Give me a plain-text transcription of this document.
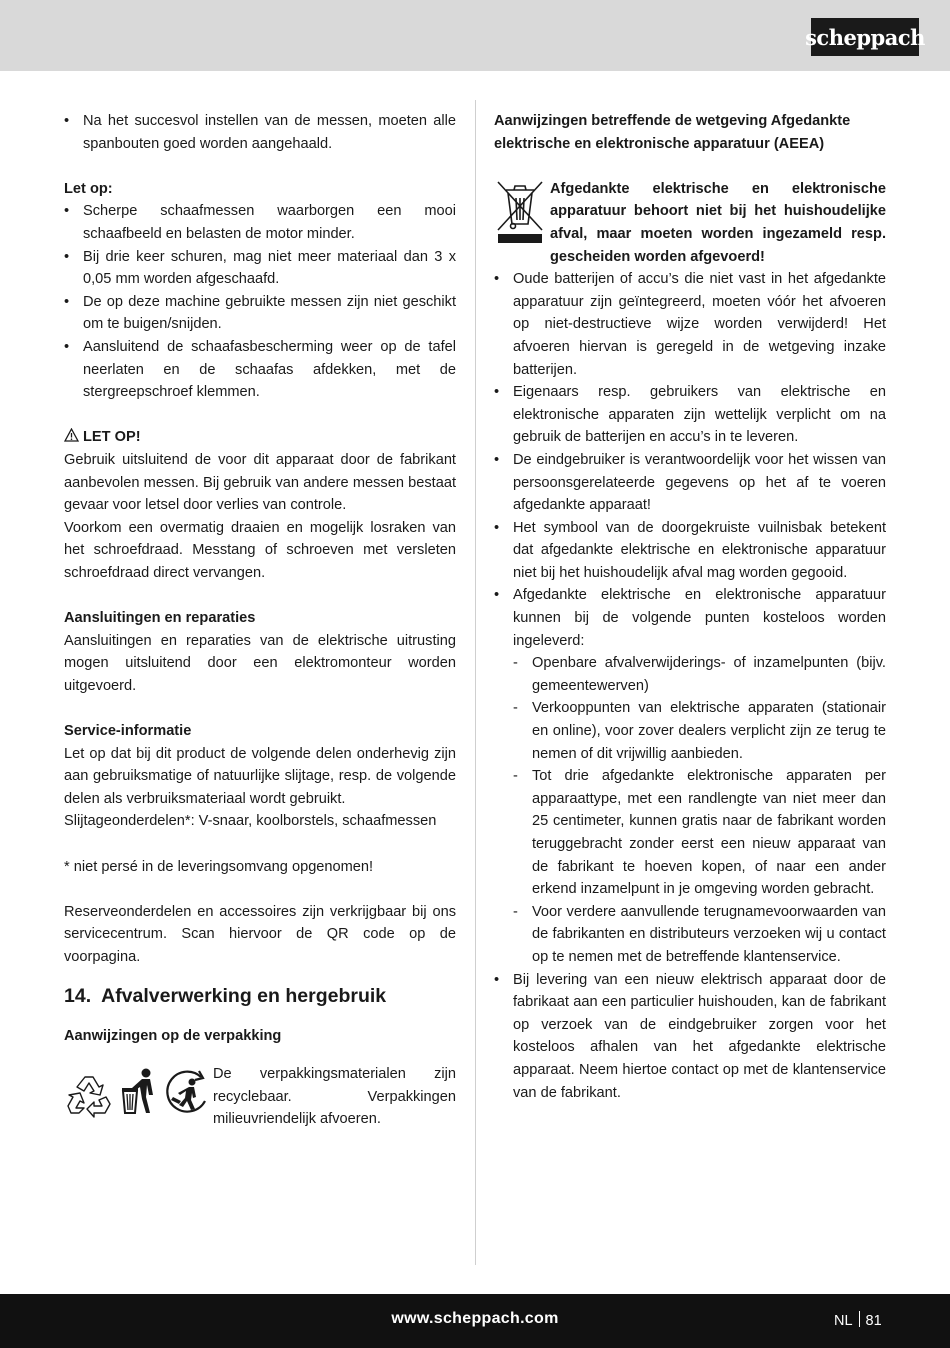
scheppach
• Na het succesvol instellen van de messen, moeten alle spanbouten goed worden aangehaald.

Let op:

• Scherpe schaafmessen waarborgen een mooi schaafbeeld en belasten de motor minder.
• Bij drie keer schuren, mag niet meer materiaal dan 3 x 0,05 mm worden afgeschaafd.
• De op deze machine gebruikte messen zijn niet geschikt om te buigen/snijden.
• Aansluitend de schaafasbescherming weer op de tafel neerlaten en de schaafas afdekken, met de stergreepschroef klemmen.

LET OP!

Gebruik uitsluitend de voor dit apparaat door de fabrikant aanbevolen messen. Bij gebruik van andere messen bestaat gevaar voor letsel door verlies van controle.

Voorkom een overmatig draaien en mogelijk losraken van het schroefdraad. Messtang of schroeven met versleten schroefdraad direct vervangen.

Aansluitingen en reparaties

Aansluitingen en reparaties van de elektrische uitrusting mogen uitsluitend door een elektromonteur worden uitgevoerd.

Service-informatie

Let op dat bij dit product de volgende delen onderhevig zijn aan gebruiksmatige of natuurlijke slijtage, resp. de volgende delen als verbruiksmateriaal wordt gebruikt.

Slijtageonderdelen*: V-snaar, koolborstels, schaafmessen

* niet persé in de leveringsomvang opgenomen!

Reserveonderdelen en accessoires zijn verkrijgbaar bij ons servicecentrum. Scan hiervoor de QR code op de voorpagina.

14. Afvalverwerking en hergebruik

Aanwijzingen op de verpakking

De verpakkingsmaterialen zijn recyclebaar. Verpakkingen milieuvriendelijk afvoeren.

Aanwijzingen betreffende de wetgeving Afgedankte elektrische en elektronische apparatuur (AEEA)

Afgedankte elektrische en elektronische apparatuur behoort niet bij het huishoudelijke afval, maar moeten worden ingezameld resp. gescheiden worden afgevoerd!

• Oude batterijen of accu’s die niet vast in het afgedankte apparatuur zijn geïntegreerd, moeten vóór het afvoeren op niet-destructieve wijze worden verwijderd! Het afvoeren hiervan is geregeld in de wetgeving inzake batterijen.
• Eigenaars resp. gebruikers van elektrische en elektronische apparaten zijn wettelijk verplicht om na gebruik de batterijen en accu’s in te leveren.
• De eindgebruiker is verantwoordelijk voor het wissen van persoonsgerelateerde gegevens op het af te voeren afgedankte apparaat!
• Het symbool van de doorgekruiste vuilnisbak betekent dat afgedankte elektrische en elektronische apparatuur niet bij het huishoudelijk afval mag worden gegooid.
• Afgedankte elektrische en elektronische apparatuur kunnen bij de volgende punten kosteloos worden ingeleverd:
- Openbare afvalverwijderings- of inzamelpunten (bijv. gemeentewerven)
- Verkooppunten van elektrische apparaten (stationair en online), voor zover dealers verplicht zijn ze terug te nemen of dit vrijwillig aanbieden.
- Tot drie afgedankte elektronische apparaten per apparaattype, met een randlengte van niet meer dan 25 centimeter, kunnen gratis naar de fabrikant worden teruggebracht zonder eerst een nieuw apparaat van de fabrikant te hoeven kopen, of naar een ander erkend inzamelpunt in je omgeving worden gebracht.
- Voor verdere aanvullende terugnamevoorwaarden van de fabrikanten en distributeurs verzoeken wij u contact op te nemen met de betreffende klantenservice.
• Bij levering van een nieuw elektrisch apparaat door de fabrikaat aan een particulier huishouden, kan de fabrikant op verzoek van de eindgebruiker zorgen voor het kosteloos afhalen van het afgedankte elektrische apparaat. Neem hiertoe contact op met de klantenservice van de fabrikant.
www.scheppach.com	NL 81
